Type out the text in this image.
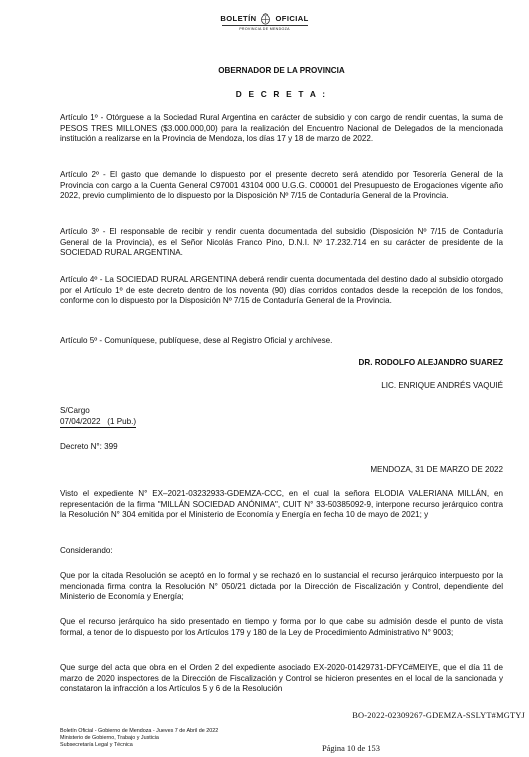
BOLETÍN	OFICIAL
PROVINCIA DE MENDOZA
OBERNADOR DE LA PROVINCIA
D E C R E T A :

Artículo 1º - Otórguese a la Sociedad Rural Argentina en carácter de subsidio y con cargo de rendir cuentas, la suma de PESOS TRES MILLONES ($3.000.000,00) para la realización del Encuentro Nacional de Delegados de la mencionada institución a realizarse en la Provincia de Mendoza, los días 17 y 18 de marzo de 2022.

Artículo 2º - El gasto que demande lo dispuesto por el presente decreto será atendido por Tesorería General de la Provincia con cargo a la Cuenta General C97001 43104 000 U.G.G. C00001 del Presupuesto de Erogaciones vigente año 2022, previo cumplimiento de lo dispuesto por la Disposición Nº 7/15 de Contaduría General de la Provincia.

Artículo 3º - El responsable de recibir y rendir cuenta documentada del subsidio (Disposición Nº 7/15 de Contaduría General de la Provincia), es el Señor Nicolás Franco Pino, D.N.I. Nº 17.232.714 en su carácter de presidente de la SOCIEDAD RURAL ARGENTINA.

Artículo 4º - La SOCIEDAD RURAL ARGENTINA deberá rendir cuenta documentada del destino dado al subsidio otorgado por el Artículo 1º de este decreto dentro de los noventa (90) días corridos contados desde la recepción de los fondos, conforme con lo dispuesto por la Disposición Nº 7/15 de Contaduría General de la Provincia.

Artículo 5º - Comuníquese, publíquese, dese al Registro Oficial y archívese.

DR. RODOLFO ALEJANDRO SUAREZ
LIC. ENRIQUE ANDRÉS VAQUIÉ
S/Cargo
07/04/2022   (1 Pub.)
Decreto N°: 399
MENDOZA, 31 DE MARZO DE 2022

Visto el expediente N° EX–2021-03232933-GDEMZA-CCC, en el cual la señora ELODIA VALERIANA MILLÁN, en representación de la firma "MILLÁN SOCIEDAD ANÓNIMA", CUIT N° 33-50385092-9, interpone recurso jerárquico contra la Resolución N° 304 emitida por el Ministerio de Economía y Energía en fecha 10 de mayo de 2021; y

Considerando:

Que por la citada Resolución se aceptó en lo formal y se rechazó en lo sustancial el recurso jerárquico interpuesto por la mencionada firma contra la Resolución N° 050/21 dictada por la Dirección de Fiscalización y Control, dependiente del Ministerio de Economía y Energía;

Que el recurso jerárquico ha sido presentado en tiempo y forma por lo que cabe su admisión desde el punto de vista formal, a tenor de lo dispuesto por los Artículos 179 y 180 de la Ley de Procedimiento Administrativo N° 9003;

Que surge del acta que obra en el Orden 2 del expediente asociado EX-2020-01429731-DFYC#MEIYE, que el día 11 de marzo de 2020 inspectores de la Dirección de Fiscalización y Control se hicieron presentes en el local de la sancionada y constataron la infracción a los Artículos 5 y 6 de la Resolución

BO-2022-02309267-GDEMZA-SSLYT#MGTYJ
Boletín Oficial - Gobierno de Mendoza - Jueves 7 de Abril de 2022
Ministerio de Gobierno, Trabajo y Justicia
Subsecretaría Legal y Técnica	Página 10 de 153
